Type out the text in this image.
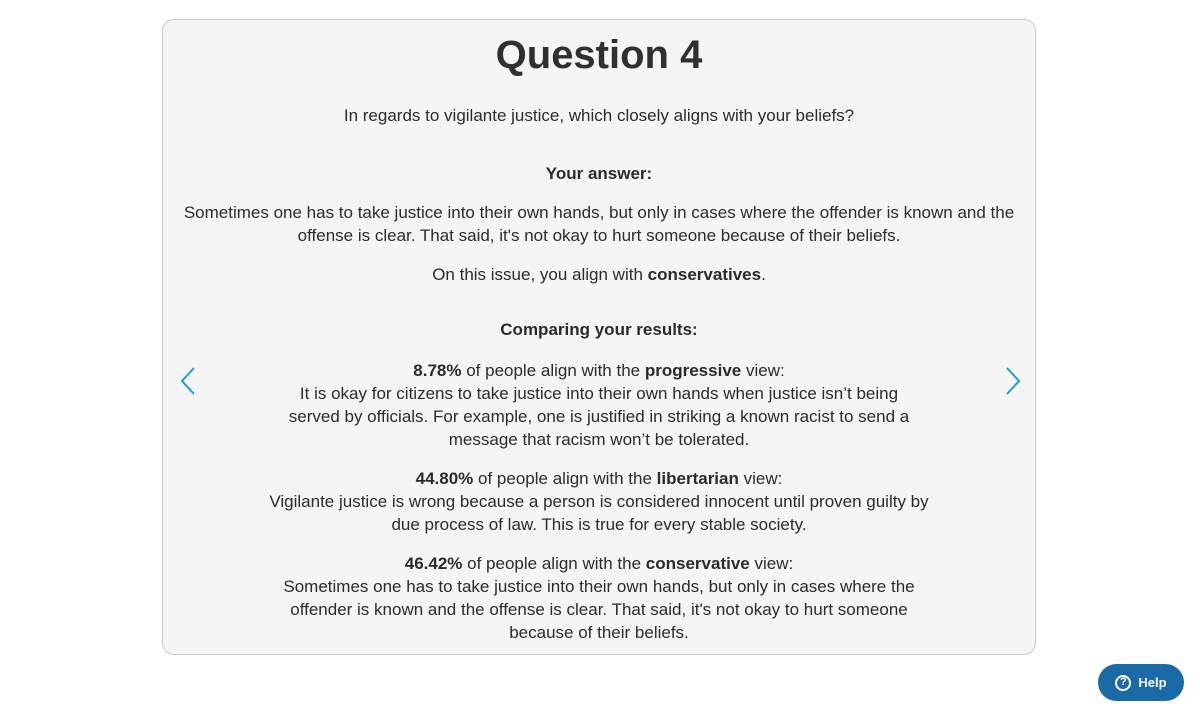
Question 4
In regards to vigilante justice, which closely aligns with your beliefs?
Your answer:
Sometimes one has to take justice into their own hands, but only in cases where the offender is known and the offense is clear. That said, it's not okay to hurt someone because of their beliefs.
On this issue, you align with conservatives.
Comparing your results:
8.78% of people align with the progressive view:
It is okay for citizens to take justice into their own hands when justice isn’t being served by officials. For example, one is justified in striking a known racist to send a message that racism won’t be tolerated.
44.80% of people align with the libertarian view:
Vigilante justice is wrong because a person is considered innocent until proven guilty by due process of law. This is true for every stable society.
46.42% of people align with the conservative view:
Sometimes one has to take justice into their own hands, but only in cases where the offender is known and the offense is clear. That said, it's not okay to hurt someone because of their beliefs.
? Help
